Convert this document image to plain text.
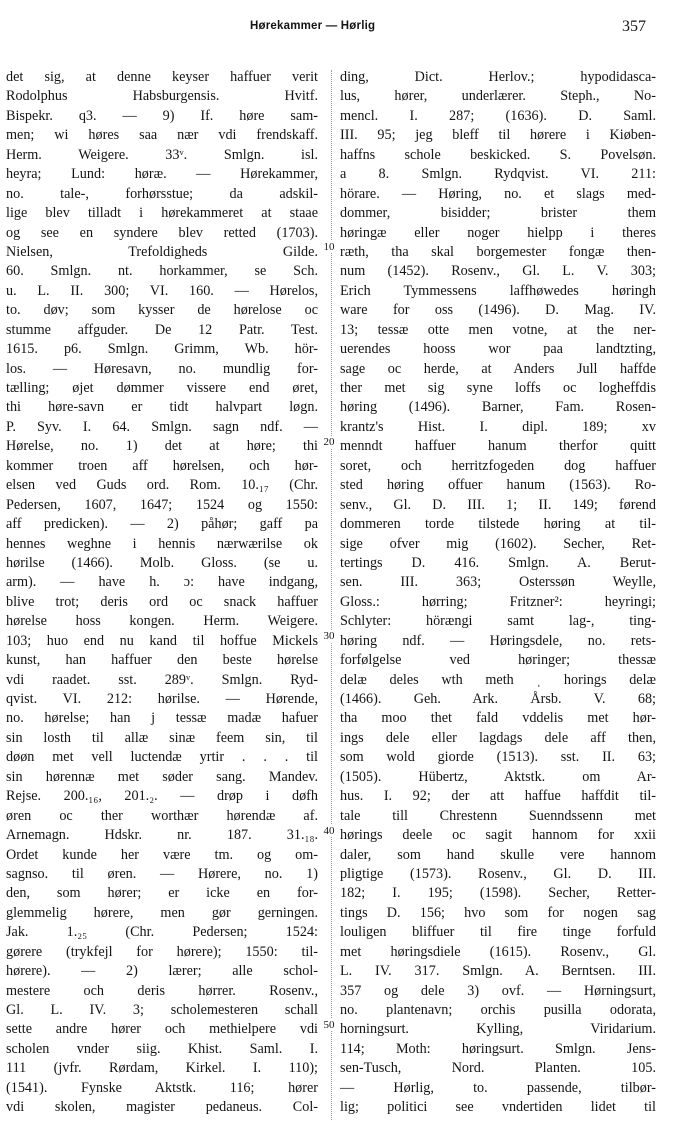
Hørekammer — Hørlig	357
det sig, at denne keyser haffuer verit
Rodolphus Habsburgensis. Hvitf.
Bispekr. q3. — 9) If. høre sam-
men; wi høres saa nær vdi frendskaff.
Herm. Weigere. 33ᵛ. Smlgn. isl.
heyra; Lund: høræ. — Hørekammer,
no. tale-, forhørsstue; da adskil-
lige blev tilladt i hørekammeret at staae
og see en syndere blev retted (1703).
Nielsen, Trefoldigheds Gilde.
60. Smlgn. nt. horkammer, se Sch.
u. L. II. 300; VI. 160. — Hørelos,
to. døv; som kysser de hørelose oc
stumme affguder. De 12 Patr. Test.
1615. p6. Smlgn. Grimm, Wb. hör-
los. — Høresavn, no. mundlig for-
tælling; øjet dømmer vissere end øret,
thi høre-savn er tidt halvpart løgn.
P. Syv. I. 64. Smlgn. sagn ndf. —
Hørelse, no. 1) det at høre; thi
kommer troen aff hørelsen, och hør-
elsen ved Guds ord. Rom. 10.₁₇ (Chr.
Pedersen, 1607, 1647; 1524 og 1550:
aff predicken). — 2) påhør; gaff pa
hennes weghne i hennis nærwærilse ok
hørilse (1466). Molb. Gloss. (se u.
arm). — have h. ɔ: have indgang,
blive trot; deris ord oc snack haffuer
hørelse hoss kongen. Herm. Weigere.
103; huo end nu kand til hoffue Mickels
kunst, han haffuer den beste hørelse
vdi raadet. sst. 289ᵛ. Smlgn. Ryd-
qvist. VI. 212: hørilse. — Hørende,
no. hørelse; han j tessæ madæ hafuer
sin losth til allæ sinæ feem sin, til
døøn met vell luctendæ yrtir . . . til
sin hørennæ met søder sang. Mandev.
Rejse. 200.₁₆, 201.₂. — drøp i døfh
øren oc ther worthær hørendæ af.
Arnemagn. Hdskr. nr. 187. 31.₁₈.
Ordet kunde her være tm. og om-
sagnso. til øren. — Hørere, no. 1)
den, som hører; er icke en for-
glemmelig hørere, men gør gerningen.
Jak. 1.₂₅ (Chr. Pedersen; 1524:
gørere (trykfejl for hørere); 1550: til-
hørere). — 2) lærer; alle schol-
mestere och deris hørrer. Rosenv.,
Gl. L. IV. 3; scholemesteren schall
sette andre hører och methielpere vdi
scholen vnder siig. Khist. Saml. I.
111 (jvfr. Rørdam, Kirkel. I. 110);
(1541). Fynske Aktstk. 116; hører
vdi skolen, magister pedaneus. Col-
ding, Dict. Herlov.; hypodidasca-
lus, hører, underlærer. Steph., No-
mencl. I. 287; (1636). D. Saml.
III. 95; jeg bleff til hørere i Kiøben-
haffns schole beskicked. S. Povelsøn.
a 8. Smlgn. Rydqvist. VI. 211:
hörare. — Høring, no. et slags med-
dommer, bisidder; brister them
høringæ eller noger hielpp i theres
ræth, tha skal borgemester fongæ then-
num (1452). Rosenv., Gl. L. V. 303;
Erich Tymmessens laffhøwedes høringh
ware for oss (1496). D. Mag. IV.
13; tessæ otte men votne, at the ner-
uerendes hooss wor paa landtzting,
sage oc herde, at Anders Jull haffde
ther met sig syne loffs oc logheffdis
høring (1496). Barner, Fam. Rosen-
krantz's Hist. I. dipl. 189; xv
menndt haffuer hanum therfor quitt
soret, och herritzfogeden dog haffuer
sted høring offuer hanum (1563). Ro-
senv., Gl. D. III. 1; II. 149; førend
dommeren torde tilstede høring at til-
sige ofver mig (1602). Secher, Ret-
tertings D. 416. Smlgn. A. Berut-
sen. III. 363; Osterssøn Weylle,
Gloss.: hørring; Fritzner²: heyringi;
Schlyter: hörængi samt lag-, ting-
høring ndf. — Høringsdele, no. rets-
forfølgelse ved høringer; thessæ
delæ deles wth meth ˌ horings delæ
(1466). Geh. Ark. Årsb. V. 68;
tha moo thet fald vddelis met hør-
ings dele eller lagdags dele aff then,
som wold giorde (1513). sst. II. 63;
(1505). Hübertz, Aktstk. om Ar-
hus. I. 92; der att haffue haffdit til-
tale till Chrestenn Suenndssenn met
hørings deele oc sagit hannom for xxii
daler, som hand skulle vere hannom
pligtige (1573). Rosenv., Gl. D. III.
182; I. 195; (1598). Secher, Retter-
tings D. 156; hvo som for nogen sag
louligen bliffuer til fire tinge forfuld
met høringsdiele (1615). Rosenv., Gl.
L. IV. 317. Smlgn. A. Berntsen. III.
357 og dele 3) ovf. — Hørningsurt,
no. plantenavn; orchis pusilla odorata,
horningsurt. Kylling, Viridarium.
114; Moth: høringsurt. Smlgn. Jens-
sen-Tusch, Nord. Planten. 105.
— Hørlig, to. passende, tilbør-
lig; politici see vndertiden lidet til
10
20
30
40
50
